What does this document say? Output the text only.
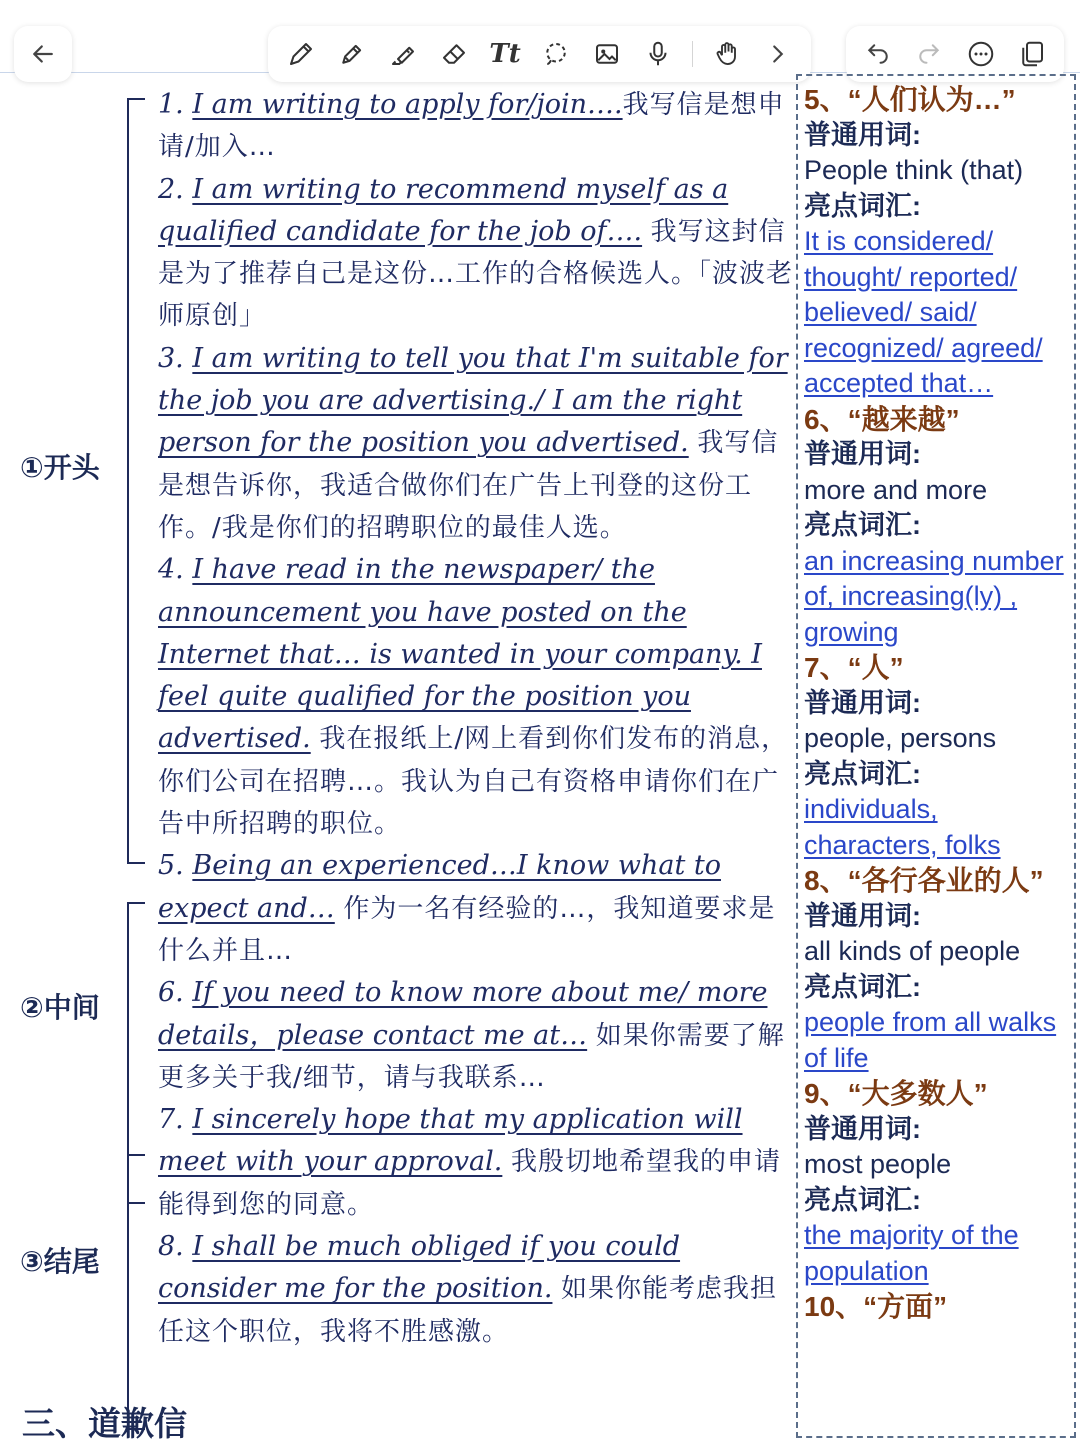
Tt
①开头
②中间
③结尾

1. I am writing to apply for/join….我写信是想申请/加入…

2. I am writing to recommend myself as a qualified candidate for the job of…. 我写这封信是为了推荐自己是这份…工作的合格候选人。「波波老师原创」

3. I am writing to tell you that I'm suitable for the job you are advertising./ I am the right person for the position you advertised. 我写信是想告诉你，我适合做你们在广告上刊登的这份工作。/我是你们的招聘职位的最佳人选。

4. I have read in the newspaper/ the announcement you have posted on the Internet that… is wanted in your company. I feel quite qualified for the position you advertised. 我在报纸上/网上看到你们发布的消息，你们公司在招聘…。我认为自己有资格申请你们在广告中所招聘的职位。

5. Being an experienced…I know what to expect and… 作为一名有经验的…，我知道要求是什么并且…

6. If you need to know more about me/ more details，please contact me at… 如果你需要了解更多关于我/细节，请与我联系…

7. I sincerely hope that my application will meet with your approval. 我殷切地希望我的申请能得到您的同意。

8. I shall be much obliged if you could consider me for the position. 如果你能考虑我担任这个职位，我将不胜感激。

三、道歉信
5、“人们认为…”
普通用词:
People think (that)
亮点词汇:
It is considered/ thought/ reported/ believed/ said/ recognized/ agreed/ accepted that…
6、“越来越”
普通用词:
more and more
亮点词汇:
an increasing number of, increasing(ly) , growing
7、“人”
普通用词:
people, persons
亮点词汇:
individuals, characters, folks
8、“各行各业的人”
普通用词:
all kinds of people
亮点词汇:
people from all walks of life
9、“大多数人”
普通用词:
most people
亮点词汇:
the majority of the population
10、“方面”
